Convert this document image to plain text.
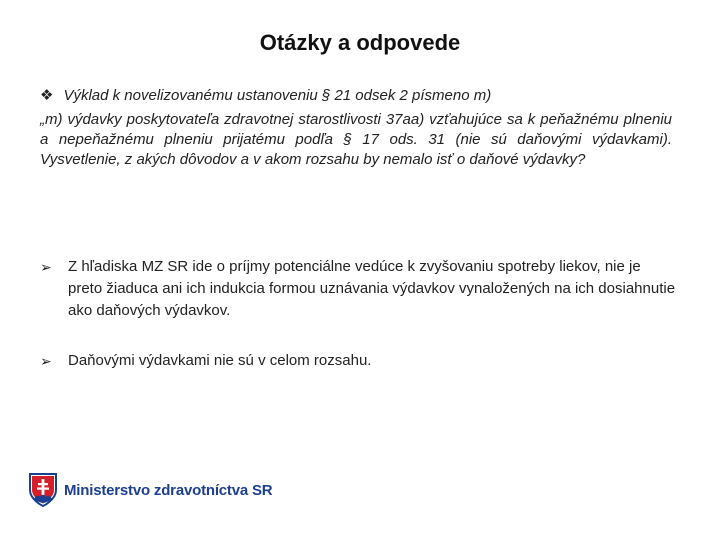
Otázky a odpovede
❖ Výklad k novelizovanému ustanoveniu § 21 odsek 2 písmeno m)
„m) výdavky poskytovateľa zdravotnej starostlivosti 37aa) vzťahujúce sa k peňažnému plneniu a nepeňažnému plneniu prijatému podľa § 17 ods. 31 (nie sú daňovými výdavkami). Vysvetlenie, z akých dôvodov a v akom rozsahu by nemalo isť o daňové výdavky?
➢	Z hľadiska MZ SR ide o príjmy potenciálne vedúce k zvyšovaniu spotreby liekov, nie je preto žiaduca ani ich indukcia formou uznávania výdavkov vynaložených na ich dosiahnutie ako daňových výdavkov.
➢	Daňovými výdavkami nie sú v celom rozsahu.
Ministerstvo zdravotníctva SR
